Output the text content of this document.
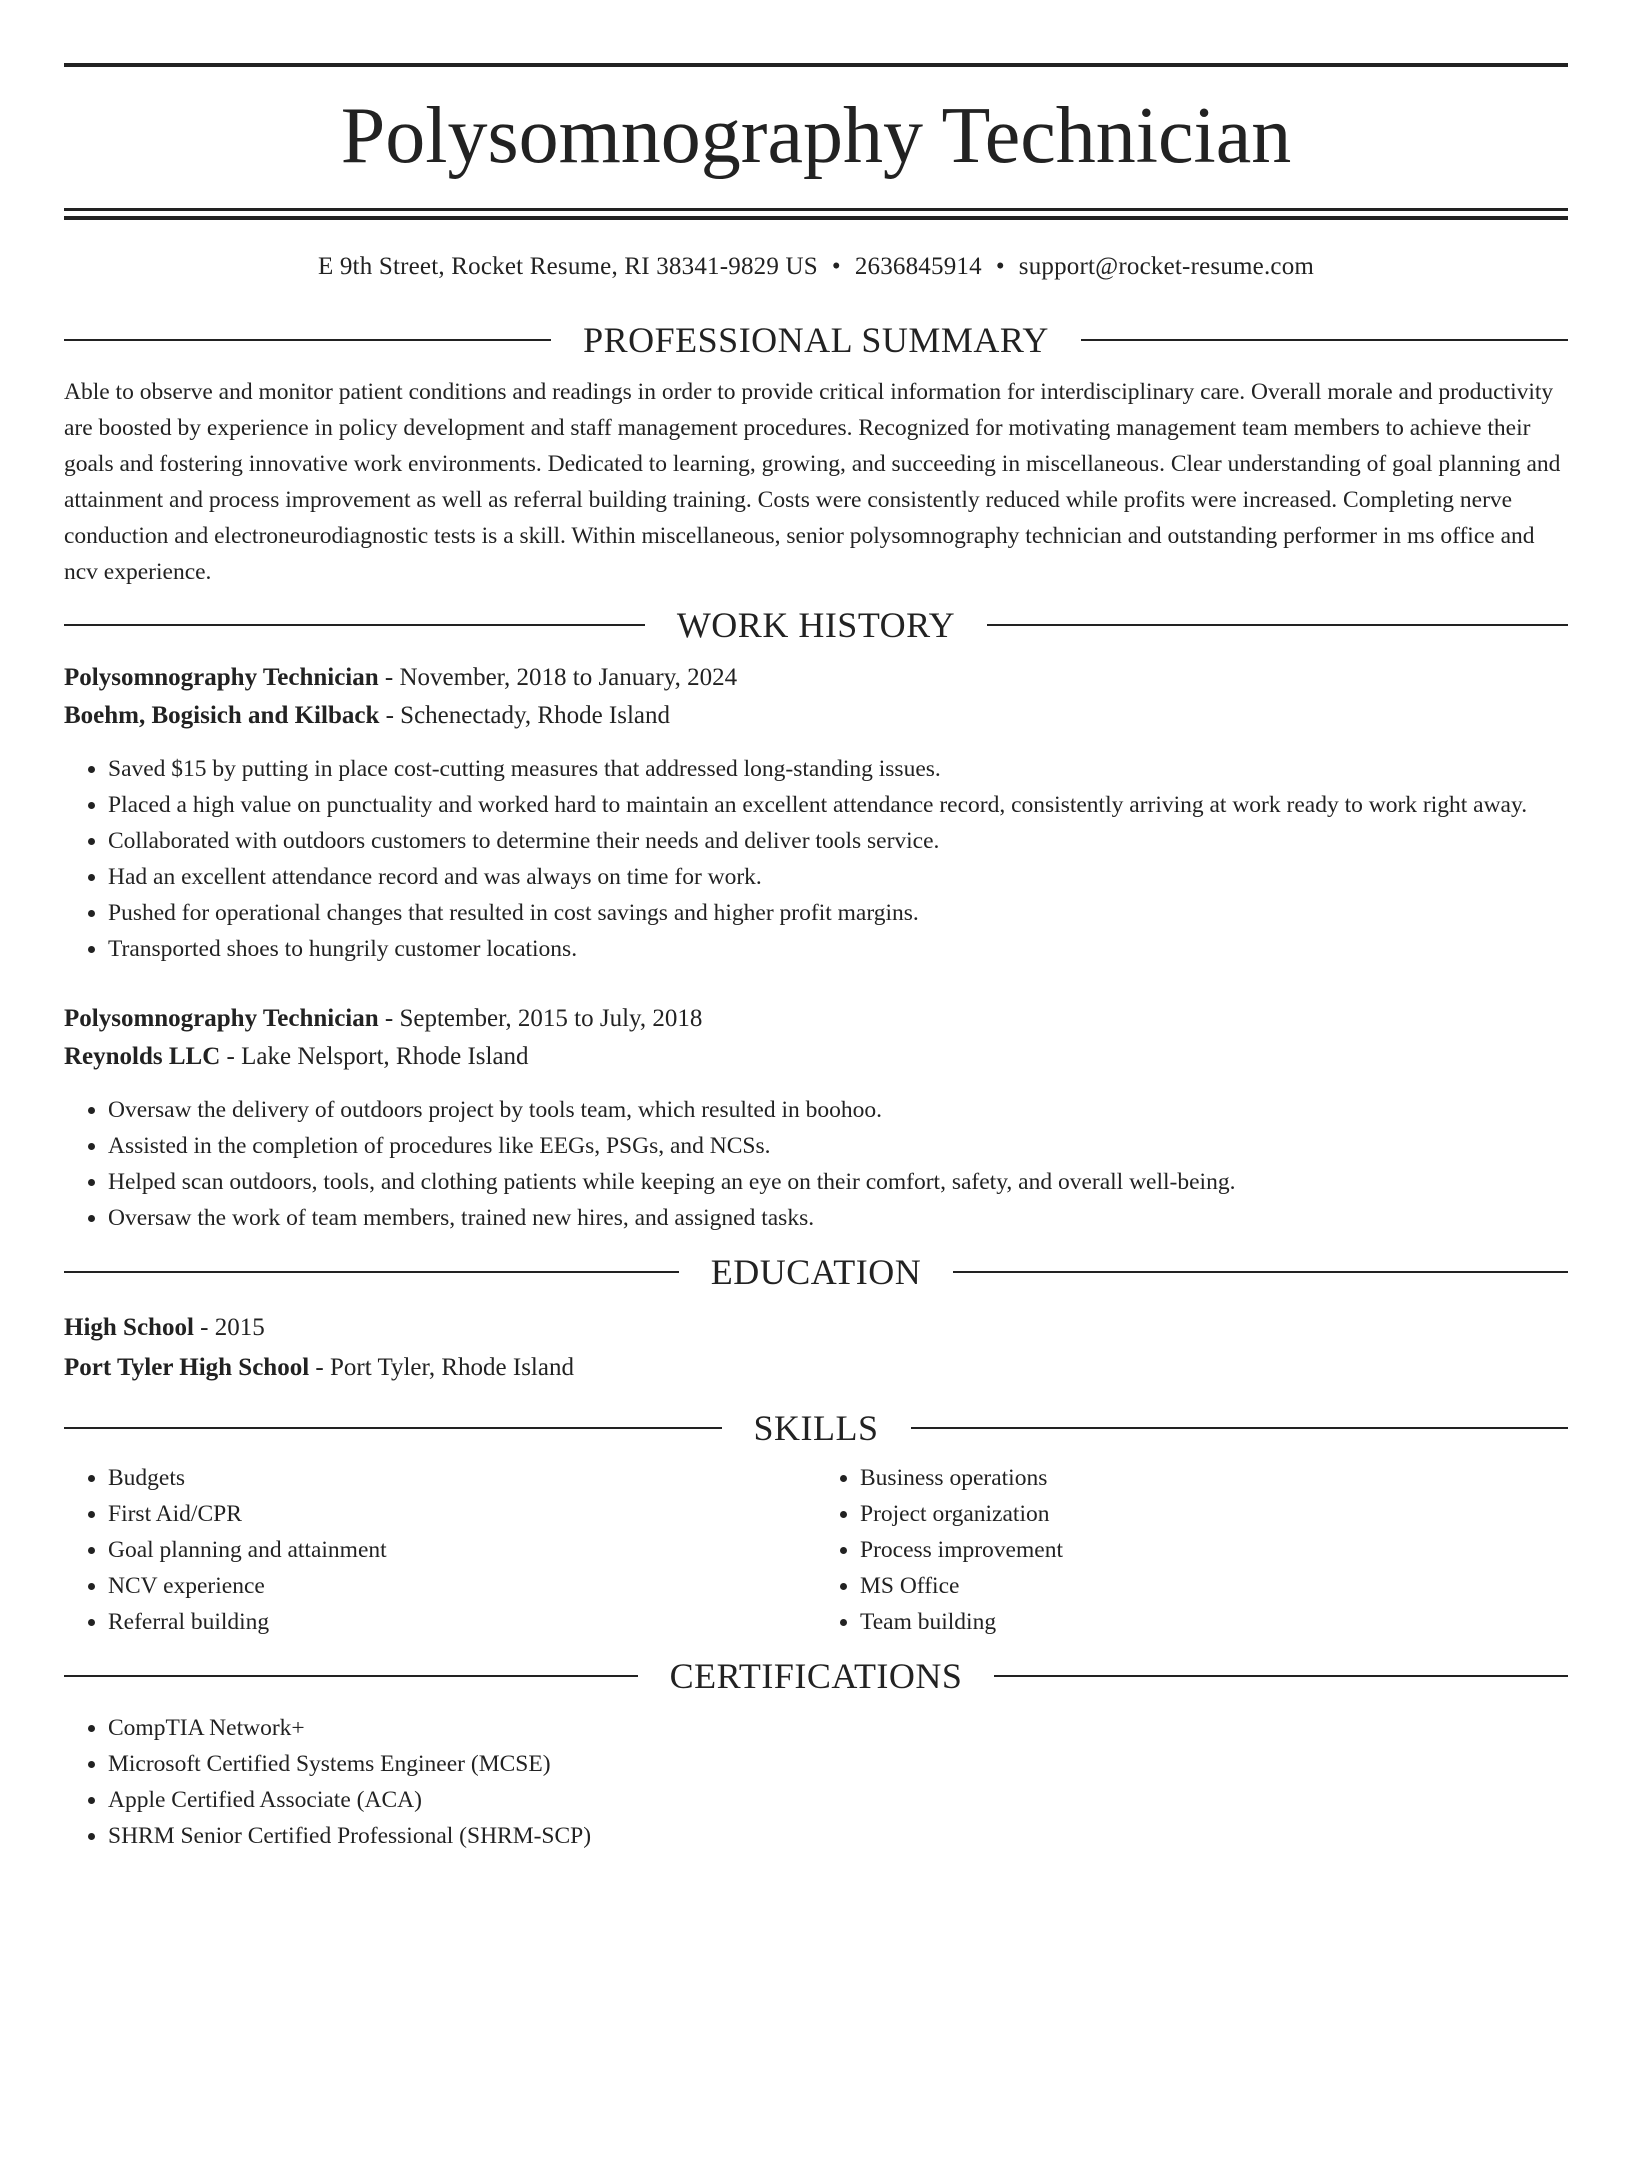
Polysomnography Technician
E 9th Street, Rocket Resume, RI 38341-9829 US • 2636845914 • support@rocket-resume.com
PROFESSIONAL SUMMARY

Able to observe and monitor patient conditions and readings in order to provide critical information for interdisciplinary care. Overall morale and productivity are boosted by experience in policy development and staff management procedures. Recognized for motivating management team members to achieve their goals and fostering innovative work environments. Dedicated to learning, growing, and succeeding in miscellaneous. Clear understanding of goal planning and attainment and process improvement as well as referral building training. Costs were consistently reduced while profits were increased. Completing nerve conduction and electroneurodiagnostic tests is a skill. Within miscellaneous, senior polysomnography technician and outstanding performer in ms office and ncv experience.

WORK HISTORY
Polysomnography Technician - November, 2018 to January, 2024
Boehm, Bogisich and Kilback - Schenectady, Rhode Island
• Saved $15 by putting in place cost-cutting measures that addressed long-standing issues.
• Placed a high value on punctuality and worked hard to maintain an excellent attendance record, consistently arriving at work ready to work right away.
• Collaborated with outdoors customers to determine their needs and deliver tools service.
• Had an excellent attendance record and was always on time for work.
• Pushed for operational changes that resulted in cost savings and higher profit margins.
• Transported shoes to hungrily customer locations.
Polysomnography Technician - September, 2015 to July, 2018
Reynolds LLC - Lake Nelsport, Rhode Island
• Oversaw the delivery of outdoors project by tools team, which resulted in boohoo.
• Assisted in the completion of procedures like EEGs, PSGs, and NCSs.
• Helped scan outdoors, tools, and clothing patients while keeping an eye on their comfort, safety, and overall well-being.
• Oversaw the work of team members, trained new hires, and assigned tasks.
EDUCATION
High School - 2015
Port Tyler High School - Port Tyler, Rhode Island
SKILLS
• Budgets
• First Aid/CPR
• Goal planning and attainment
• NCV experience
• Referral building
• Business operations
• Project organization
• Process improvement
• MS Office
• Team building
CERTIFICATIONS
• CompTIA Network+
• Microsoft Certified Systems Engineer (MCSE)
• Apple Certified Associate (ACA)
• SHRM Senior Certified Professional (SHRM-SCP)
